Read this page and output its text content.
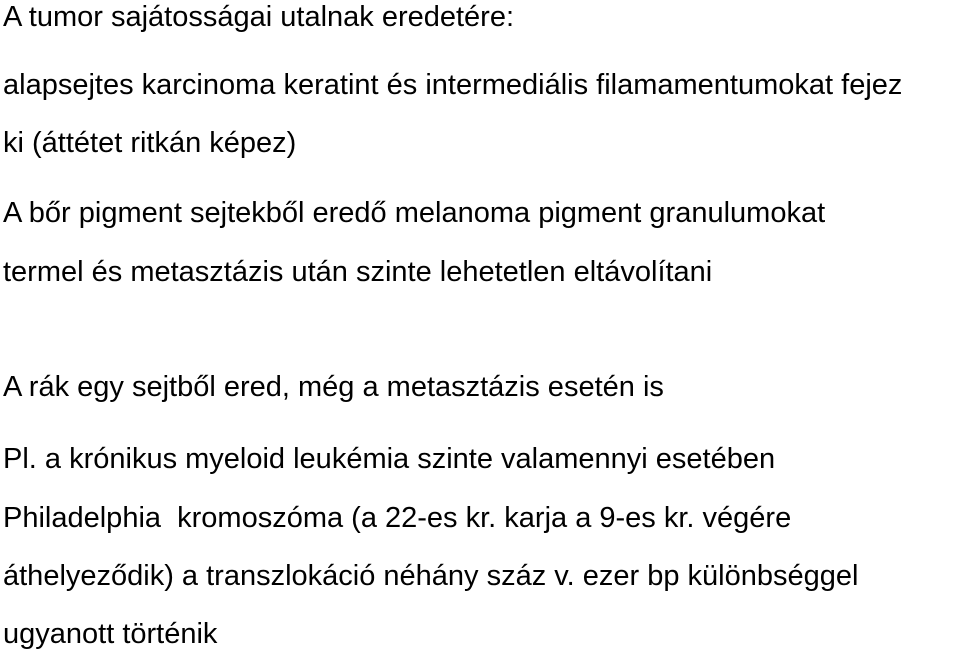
A tumor sajátosságai utalnak eredetére:
alapsejtes karcinoma keratint és intermediális filamamentumokat fejez
ki (áttétet ritkán képez)
A bőr pigment sejtekből eredő melanoma pigment granulumokat
termel és metasztázis után szinte lehetetlen eltávolítani
A rák egy sejtből ered, még a metasztázis esetén is
Pl. a krónikus myeloid leukémia szinte valamennyi esetében
Philadelphia  kromoszóma (a 22-es kr. karja a 9-es kr. végére
áthelyeződik) a transzlokáció néhány száz v. ezer bp különbséggel
ugyanott történik
